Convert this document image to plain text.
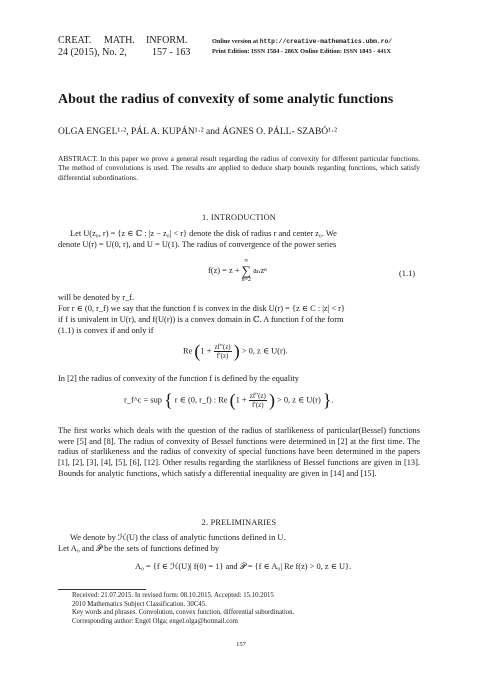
CREAT. MATH. INFORM.
24 (2015), No. 2,	157 - 163
Online version at http://creative-mathematics.ubm.ro/
Print Edition: ISSN 1584 - 286X Online Edition: ISSN 1843 - 441X
About the radius of convexity of some analytic functions
OLGA ENGEL¹·², PÁL A. KUPÁN¹·² and ÁGNES O. PÁLL- SZABÓ¹·²
ABSTRACT. In this paper we prove a general result regarding the radius of convexity for different particular functions. The method of convolutions is used. The results are applied to deduce sharp bounds regarding functions, which satisfy differential subordinations.
1. INTRODUCTION
Let U(z₀, r) = {z ∈ ℂ : |z − z₀| < r} denote the disk of radius r and center z₀. We
denote U(r) = U(0, r), and U = U(1). The radius of convergence of the power series
f(z) = z +
∞
∑
n=2
aₙzⁿ	(1.1)
will be denoted by r_f.
For r ∈ (0, r_f) we say that the function f is convex in the disk U(r) = {z ∈ C : |z| < r}
if f is univalent in U(r), and f(U(r)) is a convex domain in ℂ. A function f of the form
(1.1) is convex if and only if
Re ($1 + \frac{zf''(z)}{f'(z)}$ ) > 0, z ∈ U(r).
In [2] the radius of convexity of the function f is defined by the equality
r_f^c = sup { r ∈ (0, r_f) : Re ($1 + \frac{zf''(z)}{f'(z)}$ ) > 0, z ∈ U(r) }.
The first works which deals with the question of the radius of starlikeness of particular(Bessel) functions were [5] and [8]. The radius of convexity of Bessel functions were determined in [2] at the first time. The radius of starlikeness and the radius of convexity of special functions have been determined in the papers [1], [2], [3], [4], [5], [6], [12]. Other results regarding the starlikness of Bessel functions are given in [13]. Bounds for analytic functions, which satisfy a differential inequality are given in [14] and [15].
2. PRELIMINARIES
We denote by ℋ(U) the class of analytic functions defined in U.
Let A₀ and 𝒫 be the sets of functions defined by
A₀ = {f ∈ ℋ(U)| f(0) = 1} and 𝒫 = {f ∈ A₀| Re f(z) > 0, z ∈ U}.
Received: 21.07.2015. In revised form: 08.10.2015. Accepted: 15.10.2015
2010 Mathematics Subject Classification. 30C45.
Key words and phrases. Convolution, convex function, differential subordination.
Corresponding author: Engel Olga; engel.olga@hotmail.com
157
